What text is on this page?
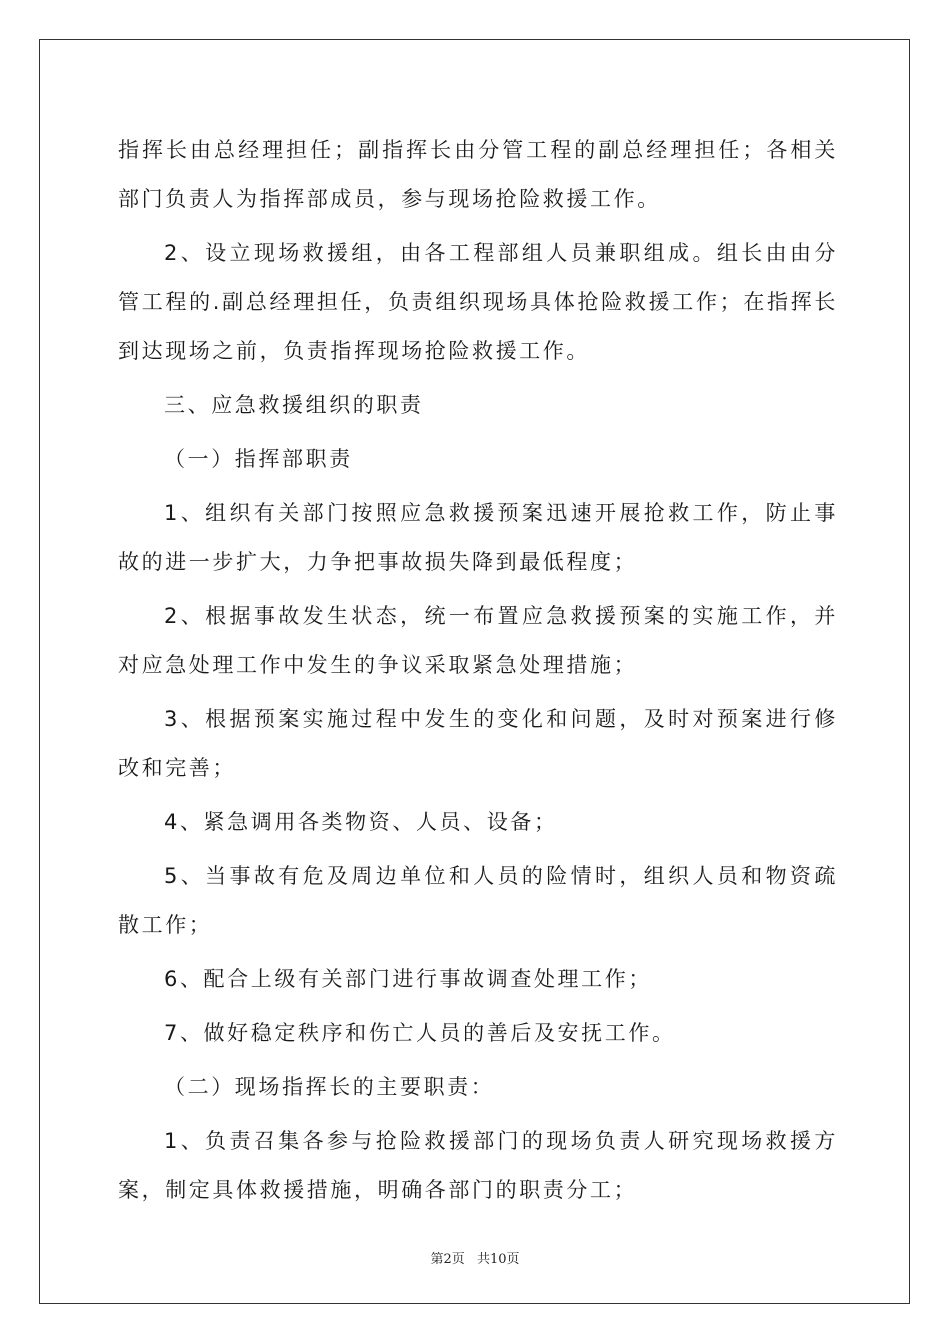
指挥长由总经理担任；副指挥长由分管工程的副总经理担任；各相关部门负责人为指挥部成员，参与现场抢险救援工作。

2、设立现场救援组，由各工程部组人员兼职组成。组长由由分管工程的.副总经理担任，负责组织现场具体抢险救援工作；在指挥长到达现场之前，负责指挥现场抢险救援工作。

三、应急救援组织的职责

（一）指挥部职责

1、组织有关部门按照应急救援预案迅速开展抢救工作，防止事故的进一步扩大，力争把事故损失降到最低程度；

2、根据事故发生状态，统一布置应急救援预案的实施工作，并对应急处理工作中发生的争议采取紧急处理措施；

3、根据预案实施过程中发生的变化和问题，及时对预案进行修改和完善；

4、紧急调用各类物资、人员、设备；

5、当事故有危及周边单位和人员的险情时，组织人员和物资疏散工作；

6、配合上级有关部门进行事故调查处理工作；

7、做好稳定秩序和伤亡人员的善后及安抚工作。

（二）现场指挥长的主要职责：

1、负责召集各参与抢险救援部门的现场负责人研究现场救援方案，制定具体救援措施，明确各部门的职责分工；

第2页 共10页
